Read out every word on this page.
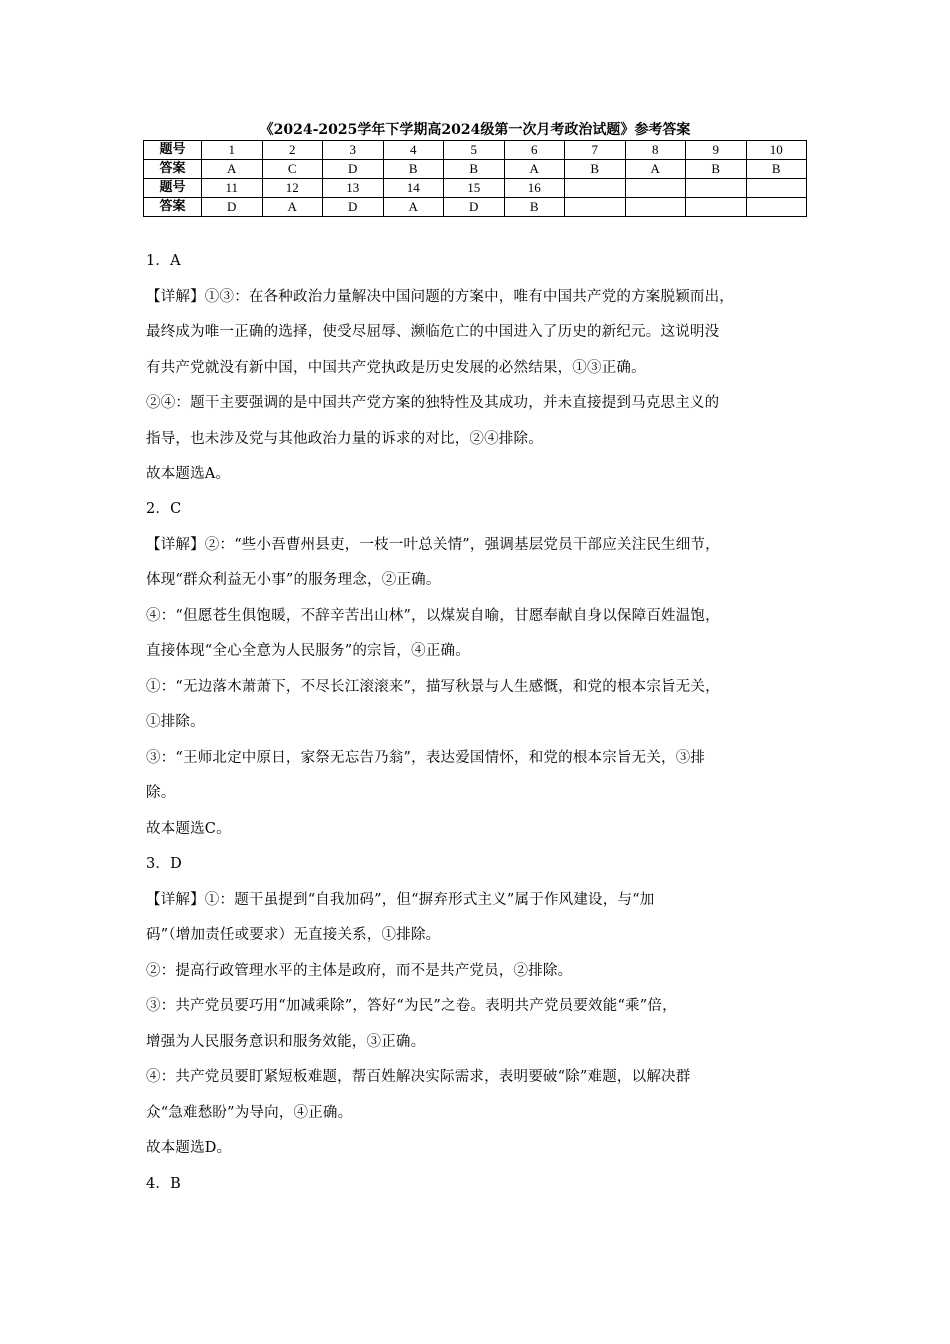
《2024-2025学年下学期高2024级第一次月考政治试题》参考答案
题号	1	2	3	4	5	6	7	8	9	10
答案	A	C	D	B	B	A	B	A	B	B
题号	11	12	13	14	15	16				
答案	D	A	D	A	D	B				
1．A
【详解】①③：在各种政治力量解决中国问题的方案中，唯有中国共产党的方案脱颖而出，
最终成为唯一正确的选择，使受尽屈辱、濒临危亡的中国进入了历史的新纪元。这说明没
有共产党就没有新中国，中国共产党执政是历史发展的必然结果，①③正确。
②④：题干主要强调的是中国共产党方案的独特性及其成功，并未直接提到马克思主义的
指导，也未涉及党与其他政治力量的诉求的对比，②④排除。
故本题选A。
2．C
【详解】②：“些小吾曹州县吏，一枝一叶总关情”，强调基层党员干部应关注民生细节，
体现“群众利益无小事”的服务理念，②正确。
④：“但愿苍生俱饱暖，不辞辛苦出山林”，以煤炭自喻，甘愿奉献自身以保障百姓温饱，
直接体现“全心全意为人民服务”的宗旨，④正确。
①：“无边落木萧萧下，不尽长江滚滚来”，描写秋景与人生感慨，和党的根本宗旨无关，
①排除。
③：“王师北定中原日，家祭无忘告乃翁”，表达爱国情怀，和党的根本宗旨无关，③排
除。
故本题选C。
3．D
【详解】①：题干虽提到“自我加码”，但“摒弃形式主义”属于作风建设，与“加
码”（增加责任或要求）无直接关系，①排除。
②：提高行政管理水平的主体是政府，而不是共产党员，②排除。
③：共产党员要巧用“加减乘除”，答好“为民”之卷。表明共产党员要效能“乘”倍，
增强为人民服务意识和服务效能，③正确。
④：共产党员要盯紧短板难题，帮百姓解决实际需求，表明要破“除”难题，以解决群
众“急难愁盼”为导向，④正确。
故本题选D。
4．B
